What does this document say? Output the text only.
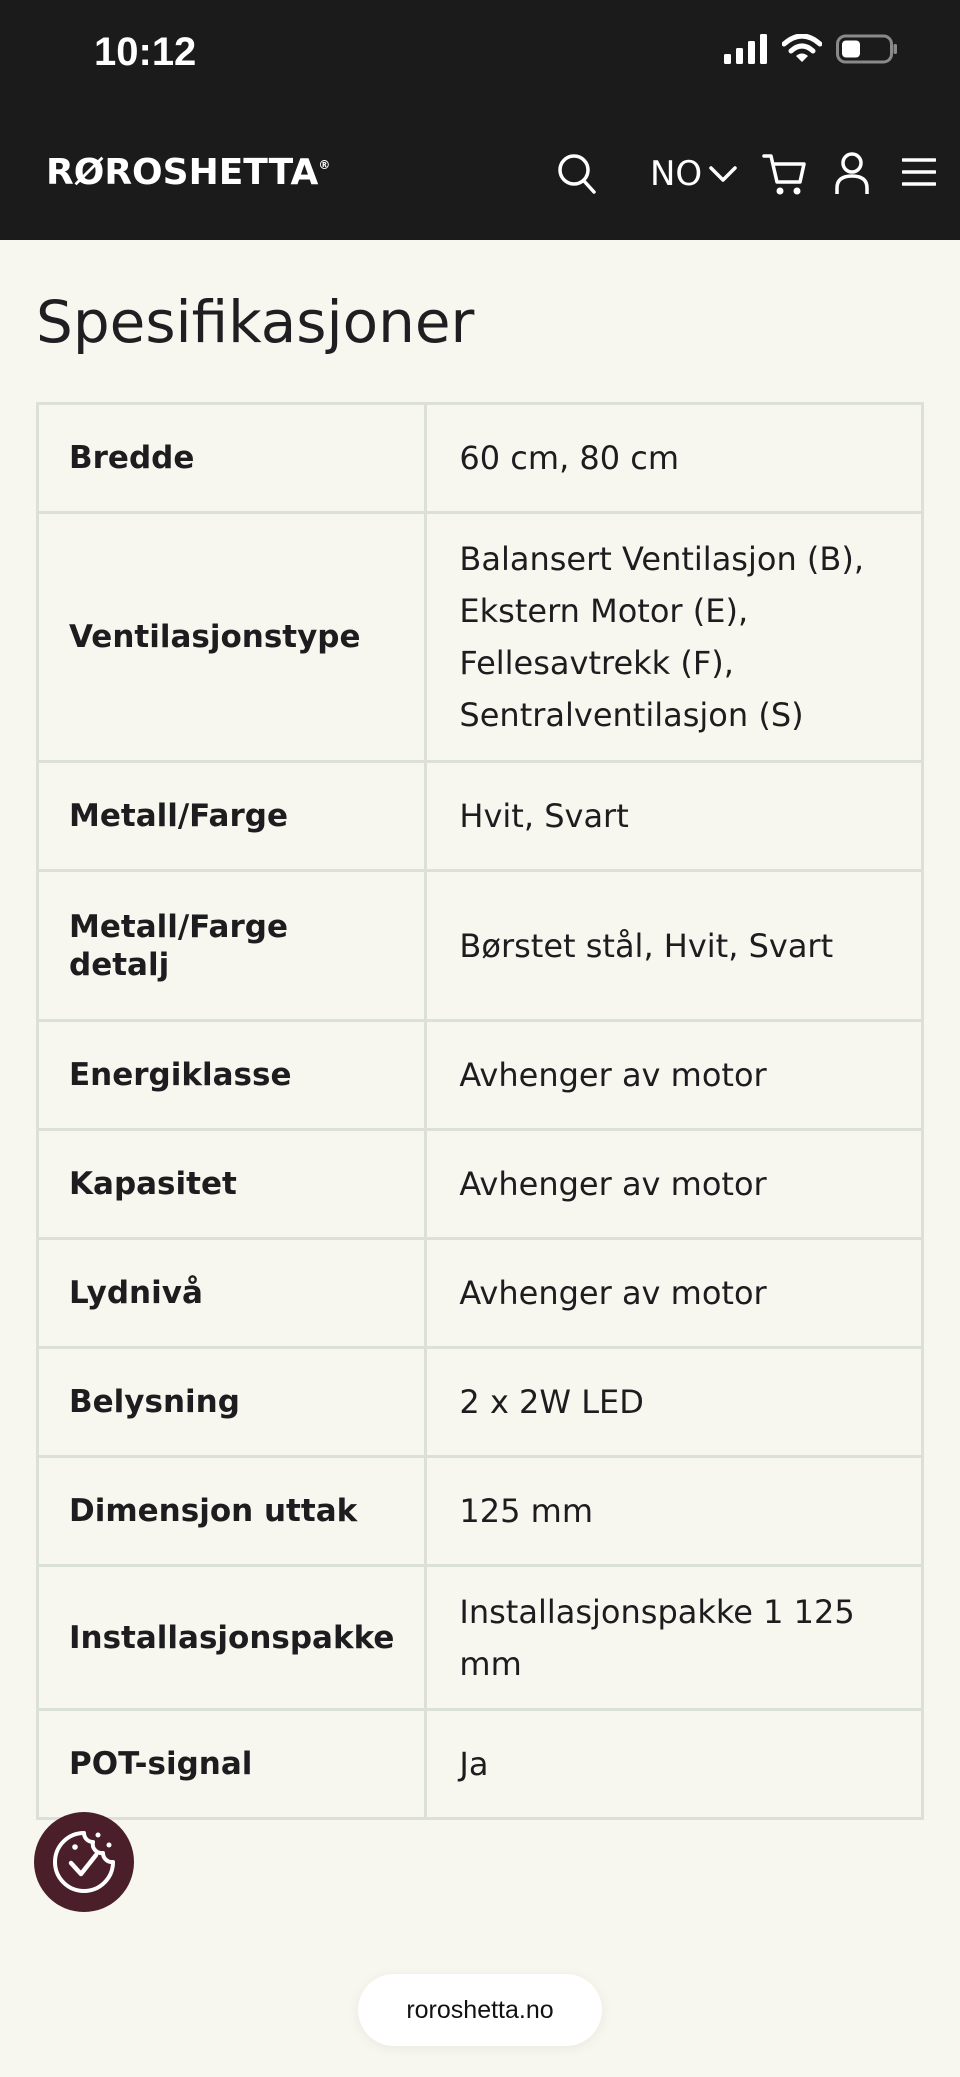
10:12
RØROSHETTA®	NO
Spesifikasjoner
Bredde	60 cm, 80 cm
Ventilasjonstype	Balansert Ventilasjon (B), Ekstern Motor (E), Fellesavtrekk (F), Sentralventilasjon (S)
Metall/Farge	Hvit, Svart
Metall/Farge detalj	Børstet stål, Hvit, Svart
Energiklasse	Avhenger av motor
Kapasitet	Avhenger av motor
Lydnivå	Avhenger av motor
Belysning	2 x 2W LED
Dimensjon uttak	125 mm
Installasjonspakke	Installasjonspakke 1 125 mm
POT-signal	Ja
roroshetta.no
